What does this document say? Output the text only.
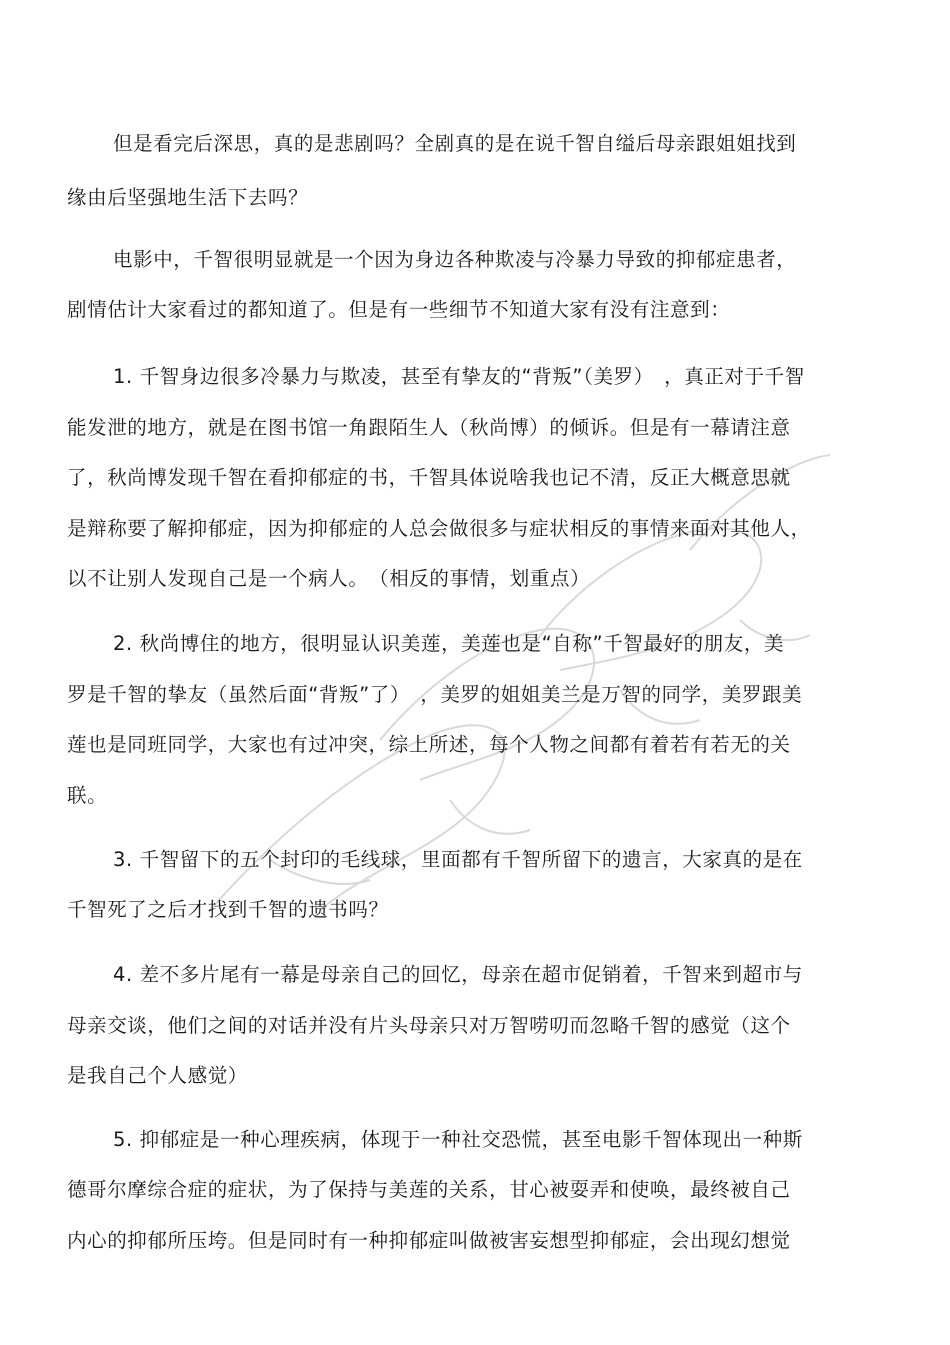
但是看完后深思，真的是悲剧吗？全剧真的是在说千智自缢后母亲跟姐姐找到
缘由后坚强地生活下去吗？
电影中，千智很明显就是一个因为身边各种欺凌与冷暴力导致的抑郁症患者，
剧情估计大家看过的都知道了。但是有一些细节不知道大家有没有注意到：
1. 千智身边很多冷暴力与欺凌，甚至有挚友的“背叛”（美罗）　，真正对于千智
能发泄的地方，就是在图书馆一角跟陌生人（秋尚博）的倾诉。但是有一幕请注意
了，秋尚博发现千智在看抑郁症的书，千智具体说啥我也记不清，反正大概意思就
是辩称要了解抑郁症，因为抑郁症的人总会做很多与症状相反的事情来面对其他人，
以不让别人发现自己是一个病人。　（相反的事情，划重点）
2. 秋尚博住的地方，很明显认识美莲，美莲也是“自称”千智最好的朋友，美
罗是千智的挚友（虽然后面“背叛”了）　，美罗的姐姐美兰是万智的同学，美罗跟美
莲也是同班同学，大家也有过冲突，综上所述，每个人物之间都有着若有若无的关
联。
3. 千智留下的五个封印的毛线球，里面都有千智所留下的遗言，大家真的是在
千智死了之后才找到千智的遗书吗？
4. 差不多片尾有一幕是母亲自己的回忆，母亲在超市促销着，千智来到超市与
母亲交谈，他们之间的对话并没有片头母亲只对万智唠叨而忽略千智的感觉（这个
是我自己个人感觉）
5. 抑郁症是一种心理疾病，体现于一种社交恐慌，甚至电影千智体现出一种斯
德哥尔摩综合症的症状，为了保持与美莲的关系，甘心被耍弄和使唤，最终被自己
内心的抑郁所压垮。但是同时有一种抑郁症叫做被害妄想型抑郁症，会出现幻想觉
